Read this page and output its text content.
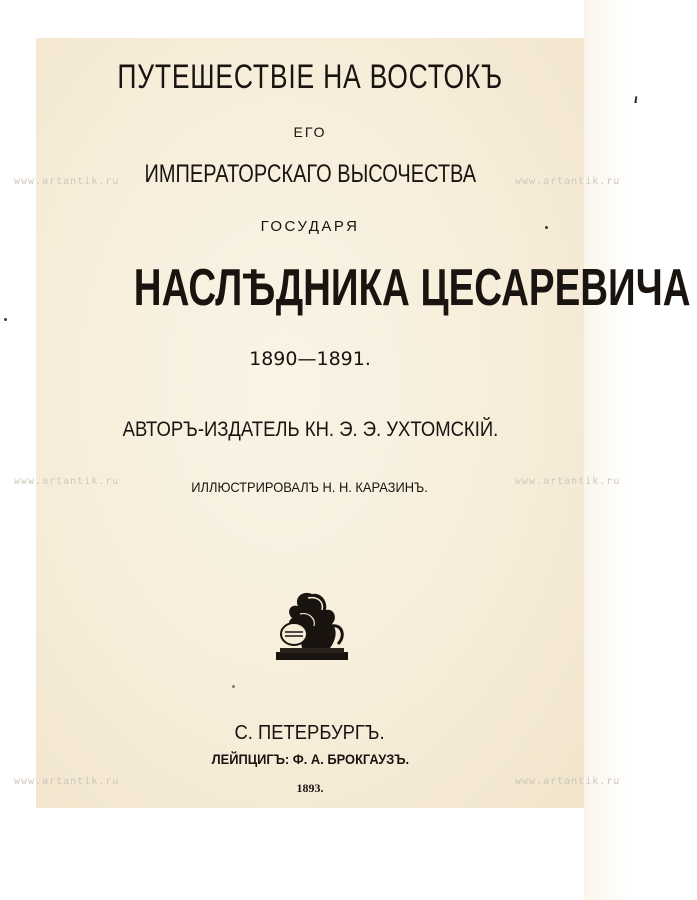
ПУТЕШЕСТВІЕ НА ВОСТОКЪ
ЕГО
ИМПЕРАТОРСКАГО ВЫСОЧЕСТВА
ГОСУДАРЯ
НАСЛѢДНИКА ЦЕСАРЕВИЧА
1890—1891.
АВТОРЪ-ИЗДАТЕЛЬ КН. Э. Э. УХТОМСКІЙ.
ИЛЛЮСТРИРОВАЛЪ Н. Н. КАРАЗИНЪ.
С. ПЕТЕРБУРГЪ.
ЛЕЙПЦИГЪ: Ф. А. БРОКГАУЗЪ.
1893.
ı
www.artantik.ru	www.artantik.ru
www.artantik.ru	www.artantik.ru
www.artantik.ru	www.artantik.ru
